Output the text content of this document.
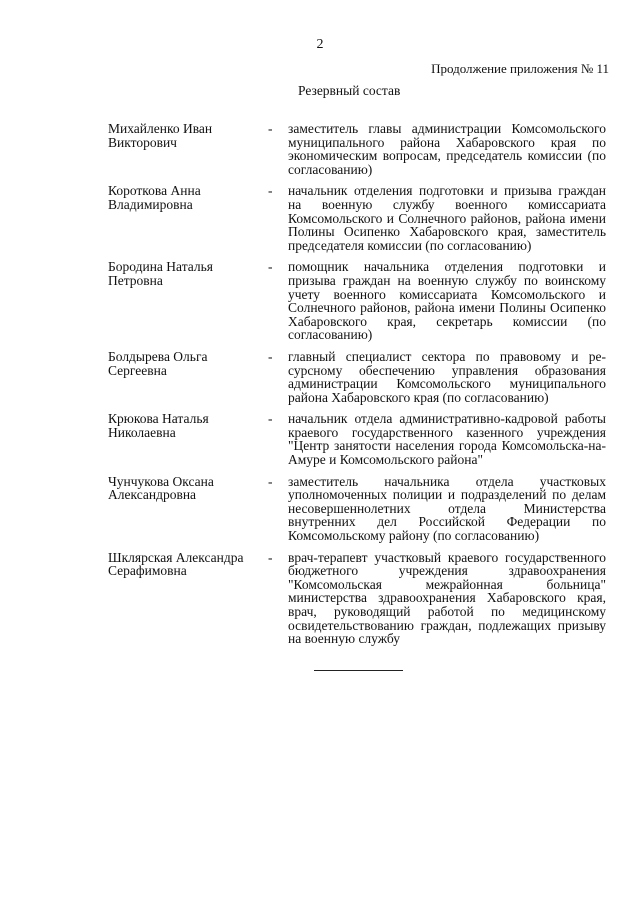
2
Продолжение приложения № 11
Резервный состав
Михайленко Иван Викторович
-	заместитель главы администрации Комсомольского муниципального района Хабаровского края по экономическим вопросам, председатель комиссии (по согласованию)
Короткова Анна Владимировна
-	начальник отделения подготовки и призыва граждан на военную службу военного комиссариата Комсомольского и Солнечного районов, района имени Полины Осипенко Хабаровского края, заместитель председателя комиссии (по согласованию)
Бородина Наталья Петровна
-	помощник начальника отделения подготовки и призыва граждан на военную службу по воинскому учету военного комиссариата Комсомольского и Солнечного районов, района имени Полины Осипенко Хабаровского края, секретарь комиссии (по согласованию)
Болдырева Ольга Сергеевна
-	главный специалист сектора по правовому и ресурсному обеспечению управления образования администрации Комсомольского муниципального района Хабаровского края (по согласованию)
Крюкова Наталья Николаевна
-	начальник отдела административно-кадровой работы краевого государственного казенного учреждения "Центр занятости населения города Комсомольска-на-Амуре и Комсомольского района"
Чунчукова Оксана Александровна
-	заместитель начальника отдела участковых уполномоченных полиции и подразделений по делам несовершеннолетних отдела Министерства внутренних дел Российской Федерации по Комсомольскому району (по согласованию)
Шклярская Александра Серафимовна
-	врач-терапевт участковый краевого государственного бюджетного учреждения здравоохранения "Комсомольская межрайонная больница" министерства здравоохранения Хабаровского края, врач, руководящий работой по медицинскому освидетельствованию граждан, подлежащих призыву на военную службу
